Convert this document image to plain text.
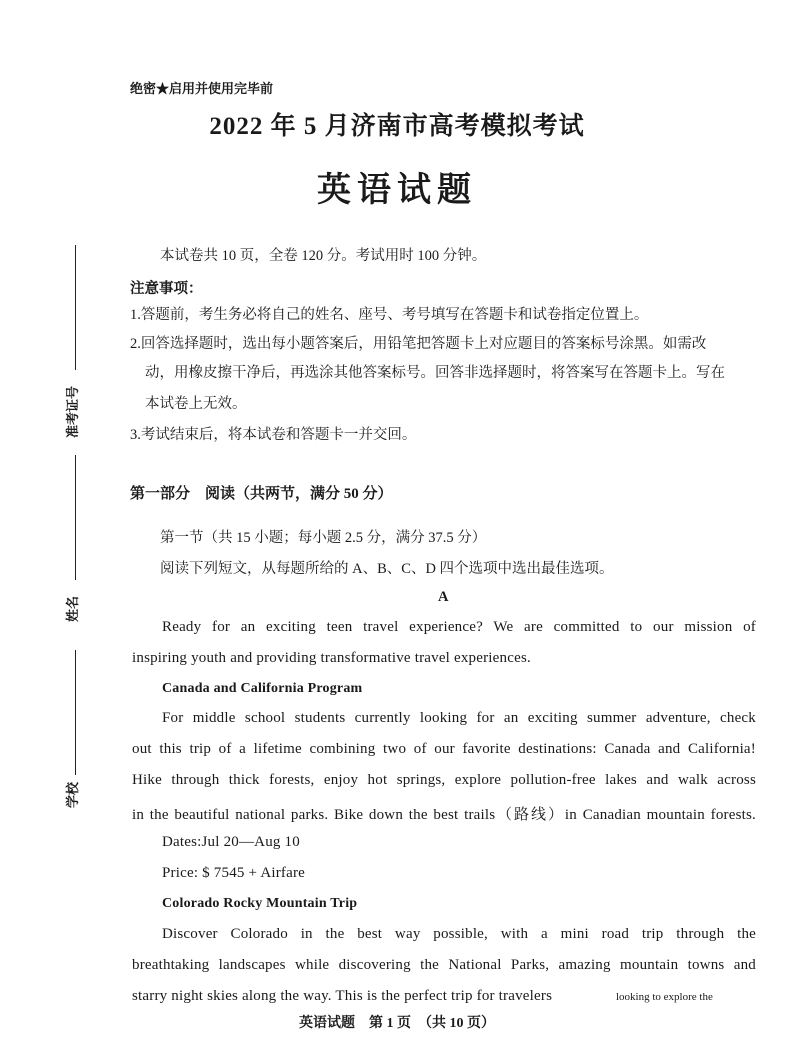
绝密★启用并使用完毕前
2022 年 5 月济南市高考模拟考试
英语试题
准考证号
姓名
学校
本试卷共 10 页，全卷 120 分。考试用时 100 分钟。
注意事项：
1.答题前，考生务必将自己的姓名、座号、考号填写在答题卡和试卷指定位置上。
2.回答选择题时，选出每小题答案后，用铅笔把答题卡上对应题目的答案标号涂黑。如需改
动，用橡皮擦干净后，再选涂其他答案标号。回答非选择题时，将答案写在答题卡上。写在
本试卷上无效。
3.考试结束后，将本试卷和答题卡一并交回。
第一部分　阅读（共两节，满分 50 分）
第一节（共 15 小题；每小题 2.5 分，满分 37.5 分）
阅读下列短文，从每题所给的 A、B、C、D 四个选项中选出最佳选项。
A
Ready for an exciting teen travel experience? We are committed to our mission of
inspiring youth and providing transformative travel experiences.
Canada and California Program
For middle school students currently looking for an exciting summer adventure, check
out this trip of a lifetime combining two of our favorite destinations: Canada and California!
Hike through thick forests, enjoy hot springs, explore pollution-free lakes and walk across
in the beautiful national parks. Bike down the best trails（路线）in Canadian mountain forests.
Dates:Jul 20—Aug 10
Price: $ 7545 + Airfare
Colorado Rocky Mountain Trip
Discover Colorado in the best way possible, with a mini road trip through the
breathtaking landscapes while discovering the National Parks, amazing mountain towns and
starry night skies along the way. This is the perfect trip for travelers	looking to explore the
英语试题　第 1 页　（共 10 页）
